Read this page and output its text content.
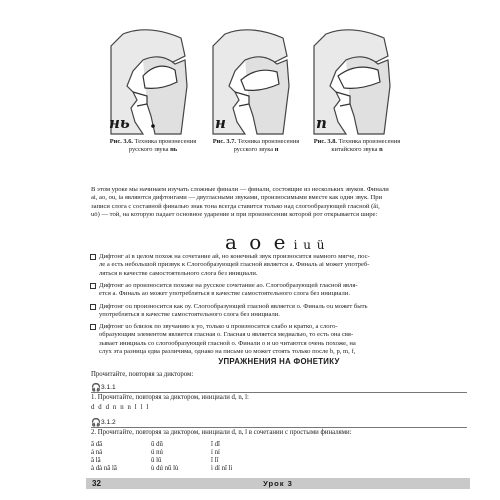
нь
Рис. 3.6. Техника произнесения русского звука нь
н
Рис. 3.7. Техника произнесения русского звука н
n
Рис. 3.8. Техника произнесения китайского звука n
В этом уроке мы начинаем изучать сложные финали — финали, состоящие из нескольких звуков. Финали
ai, ao, ou, ia являются дифтонгами — двугласными звуками, произносимыми вместе как один звук. При
записи слога с составной финалью знак тона всегда ставится только над слогообразующей гласной (ǎi,
uō) — той, на которую падает основное ударение и при произнесении которой рот открывается шире:
a o e i u ü
Дифтонг ai в целом похож на сочетание ай, но конечный звук произносится намного мягче, пос-
ле а есть небольшой призвук к Слогообразующей гласной является а. Финаль ai может употреб-
ляться в качестве самостоятельного слога без инициали.
Дифтонг ao произносится похоже на русское сочетание ао. Слогообразующей гласной явля-
ется а. Финаль ao может употребляться в качестве самостоятельного слога без инициали.
Дифтонг ou произносится как оу. Слогообразующей гласной является о. Финаль ou может быть
употребляться в качестве самостоятельного слога без инициали.
Дифтонг uo близок по звучанию к уо, только u произносится слабо и кратко, а слого-
образующим элементом является гласная о. Гласная u является медиалью, то есть она свя-
зывает инициаль со слогообразующей гласной о. Финали о и uo читаются очень похоже, на
слух эта разница едва различима, однако на письме uo может стоять только после b, p, m, f,
УПРАЖНЕНИЯ НА ФОНЕТИКУ
Прочитайте, повторяя за диктором:
🎧 3.1.1
1. Прочитайте, повторяя за диктором, инициали d, n, l:
d d d n n n l l l
🎧 3.1.2
2. Прочитайте, повторяя за диктором, инициали d, n, l в сочетании с простыми финалями:
ā dā	ū dū	ī dī
á ná	ú nú	í ní
ǎ lǎ	ǔ lǔ	ǐ lǐ
à dà nǎ lā	ù dú nū lù	ì dí nǐ lì
32	Урок 3
